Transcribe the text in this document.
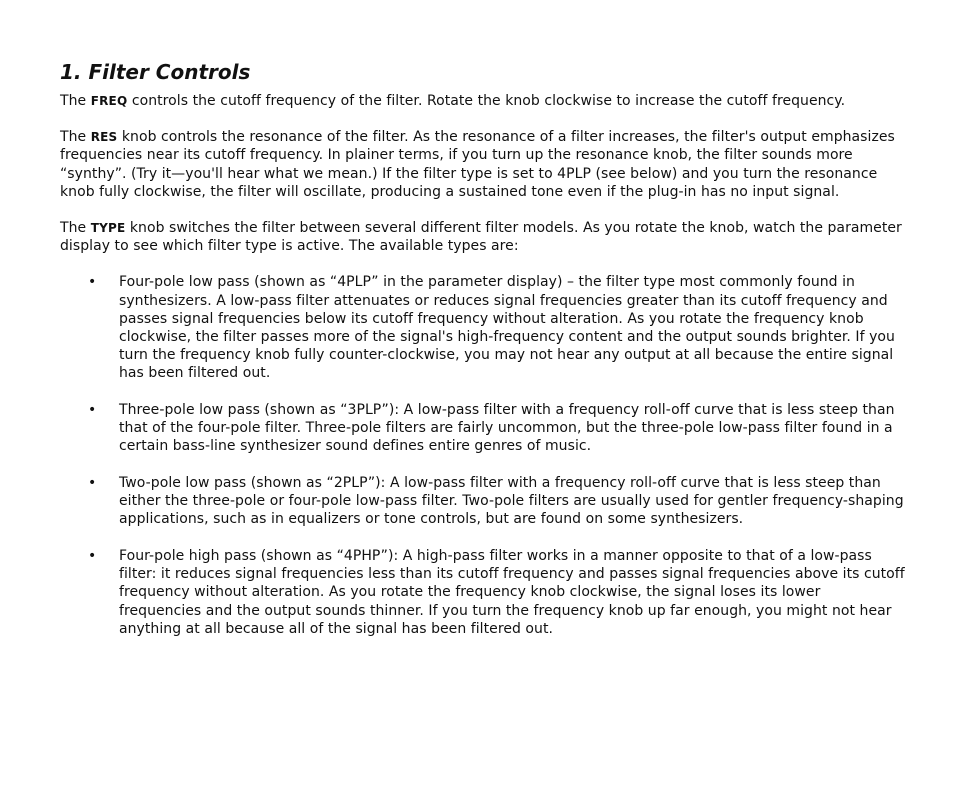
1. Filter Controls

The FREQ controls the cutoff frequency of the filter. Rotate the knob clockwise to increase the cutoff frequency.

The RES knob controls the resonance of the filter. As the resonance of a filter increases, the filter's output emphasizes frequencies near its cutoff frequency. In plainer terms, if you turn up the resonance knob, the filter sounds more “synthy”. (Try it—you'll hear what we mean.) If the filter type is set to 4PLP (see below) and you turn the resonance knob fully clockwise, the filter will oscillate, producing a sustained tone even if the plug-in has no input signal.

The TYPE knob switches the filter between several different filter models. As you rotate the knob, watch the parameter display to see which filter type is active. The available types are:

• Four-pole low pass (shown as “4PLP” in the parameter display) – the filter type most commonly found in synthesizers. A low-pass filter attenuates or reduces signal frequencies greater than its cutoff frequency and passes signal frequencies below its cutoff frequency without alteration. As you rotate the frequency knob clockwise, the filter passes more of the signal's high-frequency content and the output sounds brighter. If you turn the frequency knob fully counter-clockwise, you may not hear any output at all because the entire signal has been filtered out.
• Three-pole low pass (shown as “3PLP”): A low-pass filter with a frequency roll-off curve that is less steep than that of the four-pole filter. Three-pole filters are fairly uncommon, but the three-pole low-pass filter found in a certain bass-line synthesizer sound defines entire genres of music.
• Two-pole low pass (shown as “2PLP”): A low-pass filter with a frequency roll-off curve that is less steep than either the three-pole or four-pole low-pass filter. Two-pole filters are usually used for gentler frequency-shaping applications, such as in equalizers or tone controls, but are found on some synthesizers.
• Four-pole high pass (shown as “4PHP”): A high-pass filter works in a manner opposite to that of a low-pass filter: it reduces signal frequencies less than its cutoff frequency and passes signal frequencies above its cutoff frequency without alteration. As you rotate the frequency knob clockwise, the signal loses its lower frequencies and the output sounds thinner. If you turn the frequency knob up far enough, you might not hear anything at all because all of the signal has been filtered out.
